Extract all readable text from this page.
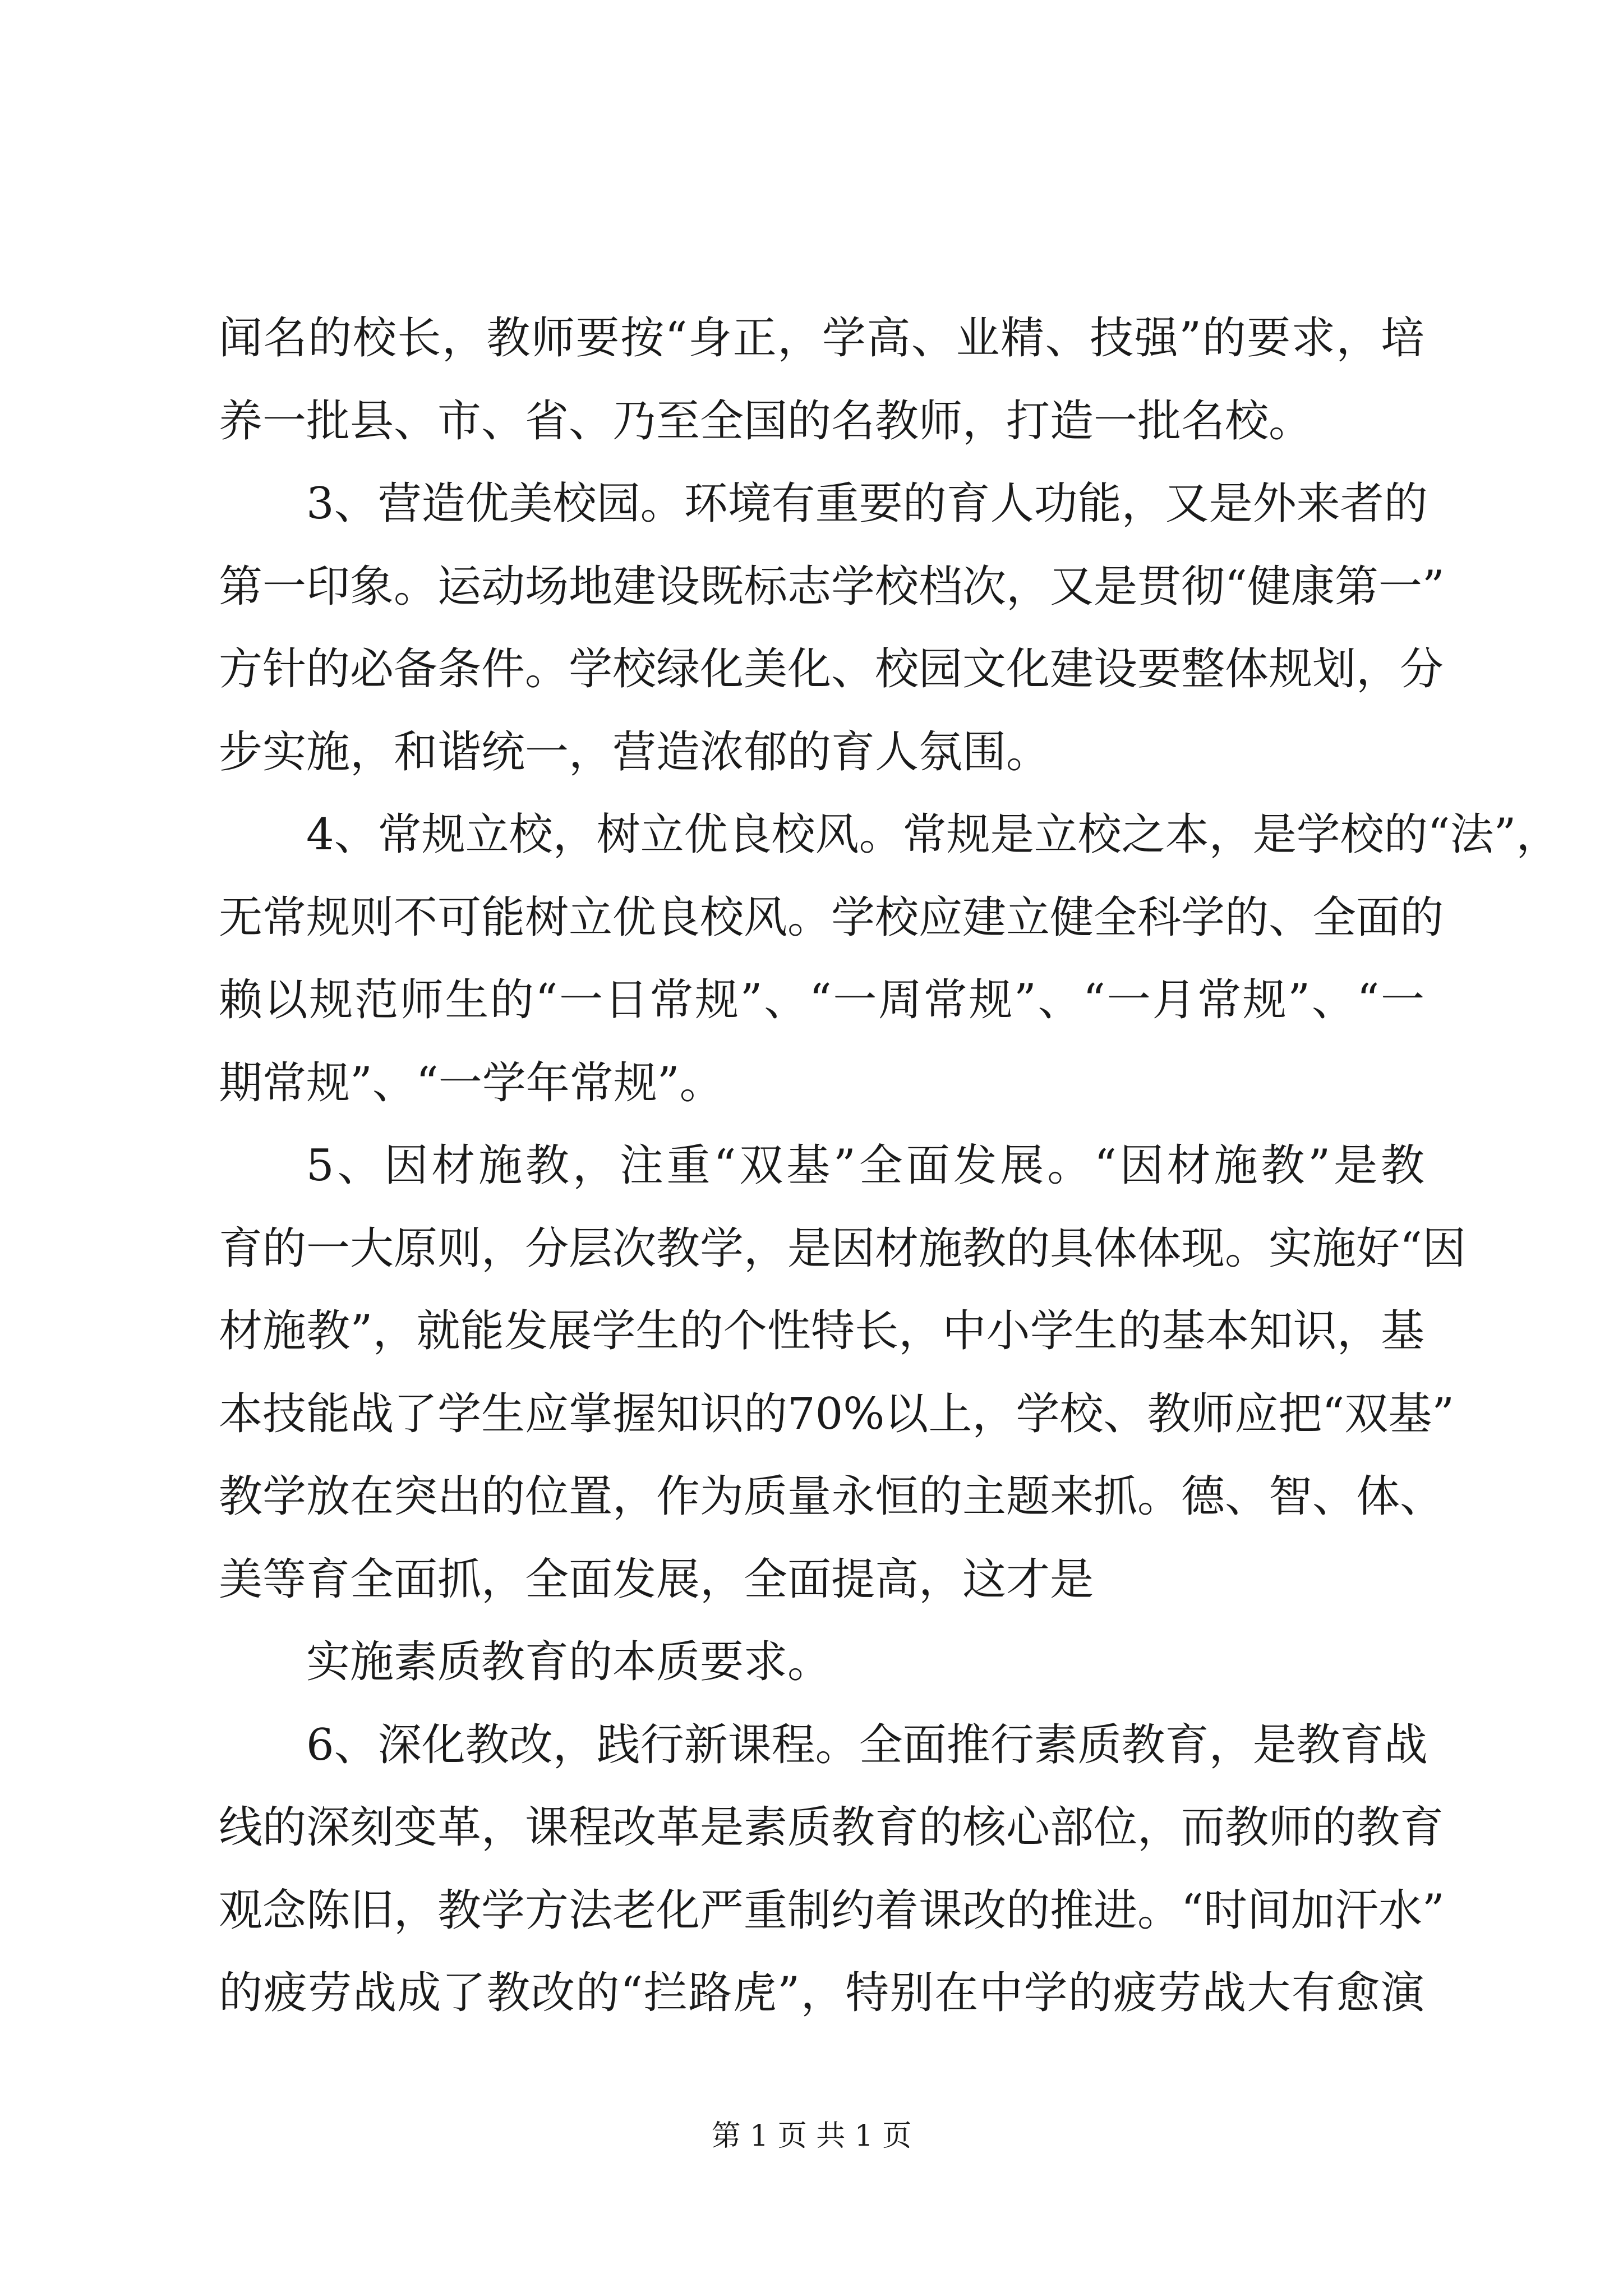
闻名的校长，教师要按“身正，学高、业精、技强”的要求，培
养一批县、市、省、乃至全国的名教师，打造一批名校。
3、营造优美校园。环境有重要的育人功能，又是外来者的
第一印象。运动场地建设既标志学校档次，又是贯彻“健康第一”
方针的必备条件。学校绿化美化、校园文化建设要整体规划，分
步实施，和谐统一，营造浓郁的育人氛围。
4、常规立校，树立优良校风。常规是立校之本，是学校的“法”，
无常规则不可能树立优良校风。学校应建立健全科学的、全面的
赖以规范师生的“一日常规”、“一周常规”、“一月常规”、“一
期常规”、“一学年常规”。
5、因材施教，注重“双基”全面发展。“因材施教”是教
育的一大原则，分层次教学，是因材施教的具体体现。实施好“因
材施教”，就能发展学生的个性特长，中小学生的基本知识，基
本技能战了学生应掌握知识的70%以上，学校、教师应把“双基”
教学放在突出的位置，作为质量永恒的主题来抓。德、智、体、
美等育全面抓，全面发展，全面提高，这才是
实施素质教育的本质要求。
6、深化教改，践行新课程。全面推行素质教育，是教育战
线的深刻变革，课程改革是素质教育的核心部位，而教师的教育
观念陈旧，教学方法老化严重制约着课改的推进。“时间加汗水”
的疲劳战成了教改的“拦路虎”，特别在中学的疲劳战大有愈演
第 1 页 共 1 页
